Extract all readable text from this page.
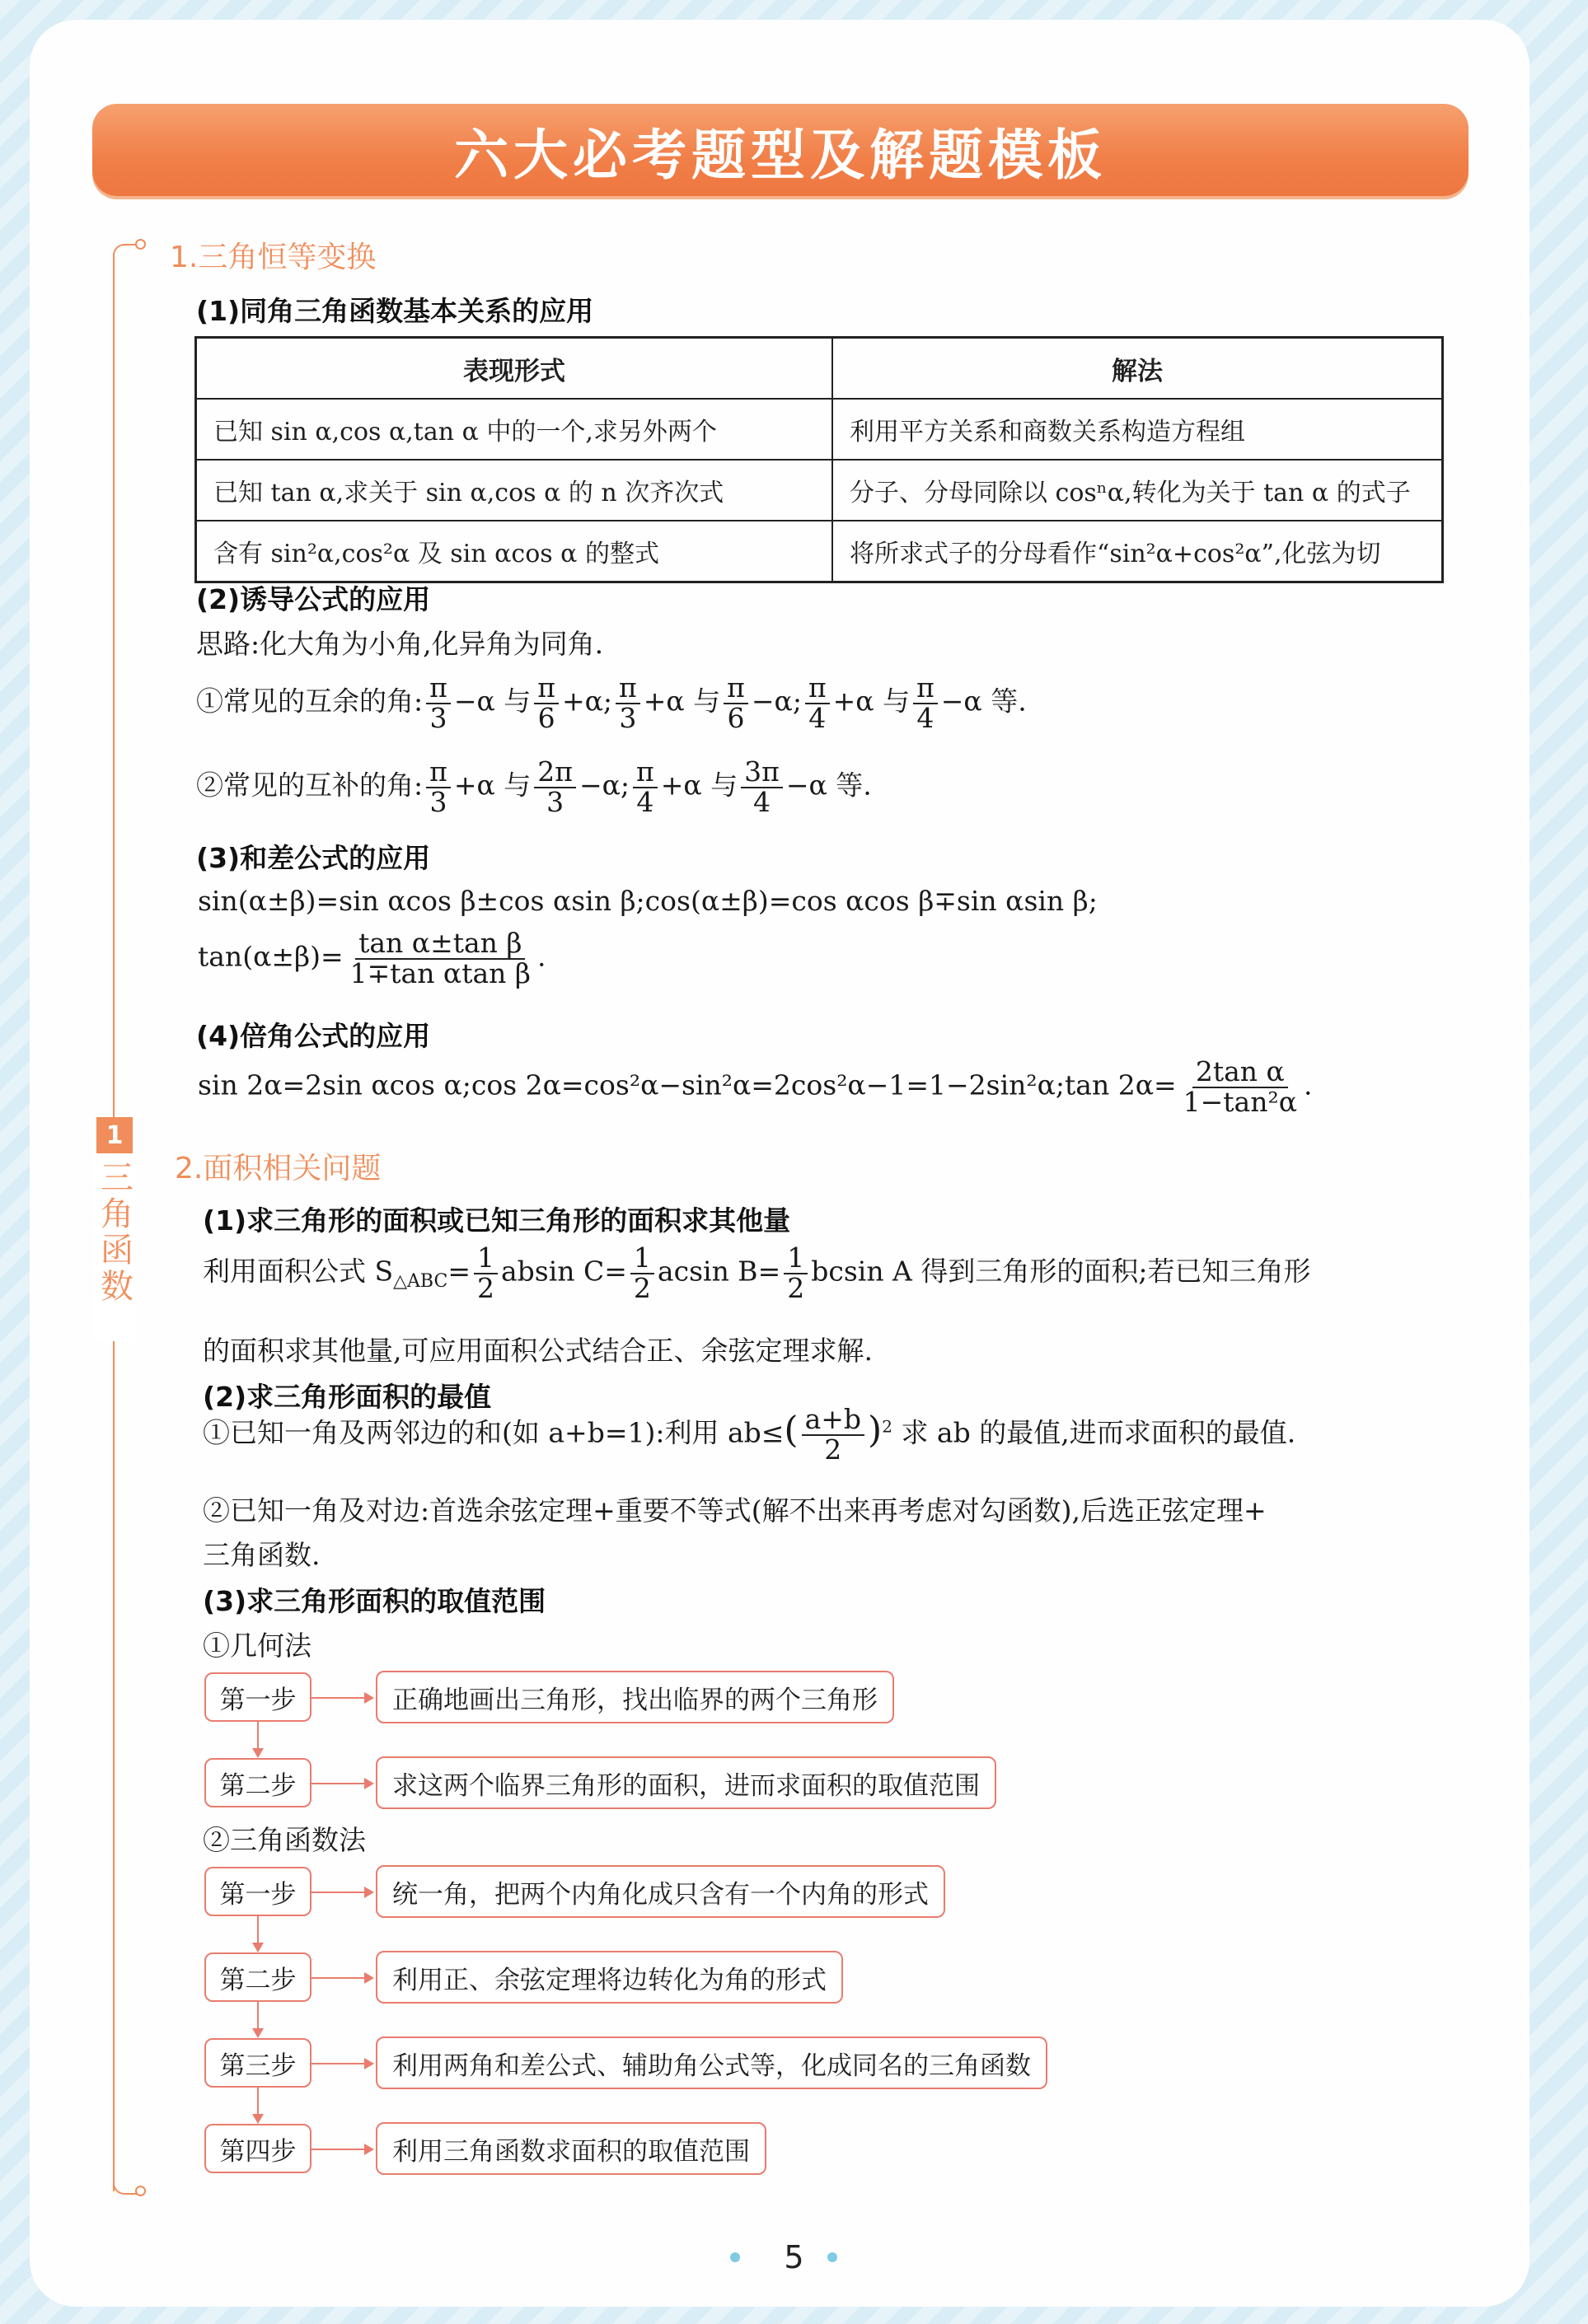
六大必考题型及解题模板
1
三角函数
1.三角恒等变换
(1)同角三角函数基本关系的应用
表现形式	解法
已知 sin α,cos α,tan α 中的一个,求另外两个	利用平方关系和商数关系构造方程组
已知 tan α,求关于 sin α,cos α 的 n 次齐次式	分子、分母同除以 cosⁿα,转化为关于 tan α 的式子
含有 sin²α,cos²α 及 sin αcos α 的整式	将所求式子的分母看作“sin²α+cos²α”,化弦为切
(2)诱导公式的应用
思路:化大角为小角,化异角为同角.
①常见的互余的角: $\frac{\pi}{3} -\alpha$ 与 $\frac{\pi}{6} +\alpha$; $\frac{\pi}{3} +\alpha$ 与 $\frac{\pi}{6} -\alpha$; $\frac{\pi}{4} +\alpha$ 与 $\frac{\pi}{4} -\alpha$ 等.
②常见的互补的角: $\frac{\pi}{3} +\alpha$ 与 $\frac{2\pi}{3} -\alpha$; $\frac{\pi}{4} +\alpha$ 与 $\frac{3\pi}{4} -\alpha$ 等.
(3)和差公式的应用
sin(α±β)=sin αcos β±cos αsin β;cos(α±β)=cos αcos β∓sin αsin β;
$\tan(\alpha\pm\beta)= \frac{\text{tan α±tan β}}{\text{1∓tan αtan β}}$ .
(4)倍角公式的应用
sin 2α=2sin αcos α;cos 2α=cos²α−sin²α=2cos²α−1=1−2sin²α;tan $2\alpha= \frac{\text{2tan α}}{\text{1−tan²α}}$ .
2.面积相关问题
(1)求三角形的面积或已知三角形的面积求其他量
利用面积公式 $S_{\triangle ABC}= \frac{1}{2}$ absin $C= \frac{1}{2}$ acsin $B= \frac{1}{2}$ bcsin A 得到三角形的面积;若已知三角形
的面积求其他量,可应用面积公式结合正、余弦定理求解.
(2)求三角形面积的最值
①已知一角及两邻边的和(如 a+b=1):利用 $ab\le( \frac{a+b}{2} )^2$ 求 ab 的最值,进而求面积的最值.
②已知一角及对边:首选余弦定理+重要不等式(解不出来再考虑对勾函数),后选正弦定理+
三角函数.
(3)求三角形面积的取值范围
①几何法
第一步	正确地画出三角形，找出临界的两个三角形
第二步	求这两个临界三角形的面积，进而求面积的取值范围
②三角函数法
第一步	统一角，把两个内角化成只含有一个内角的形式
第二步	利用正、余弦定理将边转化为角的形式
第三步	利用两角和差公式、辅助角公式等，化成同名的三角函数
第四步	利用三角函数求面积的取值范围
5
